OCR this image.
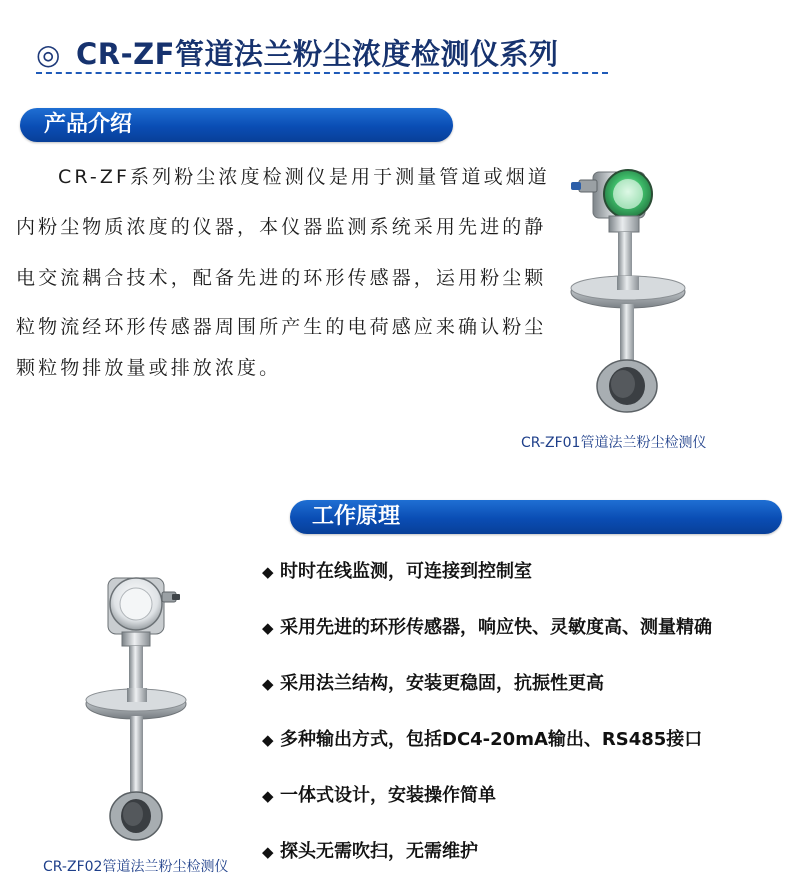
◎ CR-ZF管道法兰粉尘浓度检测仪系列
产品介绍
CR-ZF系列粉尘浓度检测仪是用于测量管道或烟道
内粉尘物质浓度的仪器，本仪器监测系统采用先进的静
电交流耦合技术，配备先进的环形传感器，运用粉尘颗
粒物流经环形传感器周围所产生的电荷感应来确认粉尘
颗粒物排放量或排放浓度。
CR-ZF01管道法兰粉尘检测仪
工作原理
◆ 时时在线监测，可连接到控制室
◆ 采用先进的环形传感器，响应快、灵敏度高、测量精确
◆ 采用法兰结构，安装更稳固，抗振性更高
◆ 多种输出方式，包括DC4-20mA输出、RS485接口
◆ 一体式设计，安装操作简单
◆ 探头无需吹扫，无需维护
CR-ZF02管道法兰粉尘检测仪
